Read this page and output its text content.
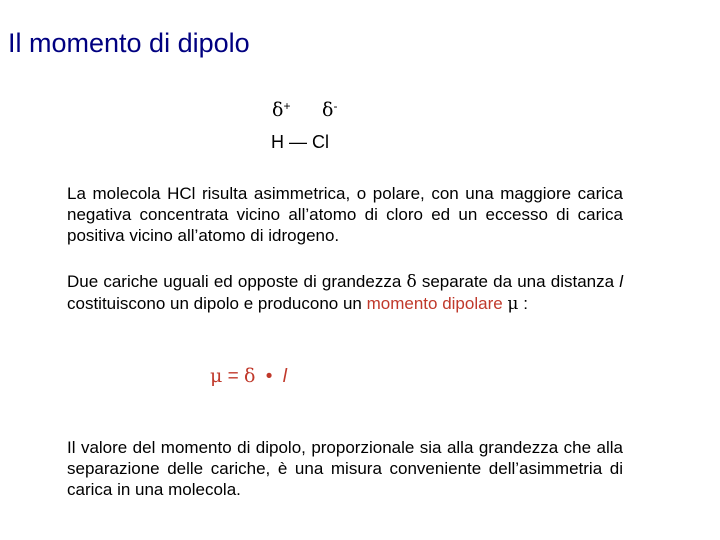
Il momento di dipolo
δ+ δ-
H — Cl
La molecola HCl risulta asimmetrica, o polare, con una maggiore carica negativa concentrata vicino all’atomo di cloro ed un eccesso di carica positiva vicino all’atomo di idrogeno.
Due cariche uguali ed opposte di grandezza δ separate da una distanza l costituiscono un dipolo e producono un momento dipolare μ :
μ = δ • l
Il valore del momento di dipolo, proporzionale sia alla grandezza che alla separazione delle cariche, è una misura conveniente dell’asimmetria di carica in una molecola.
